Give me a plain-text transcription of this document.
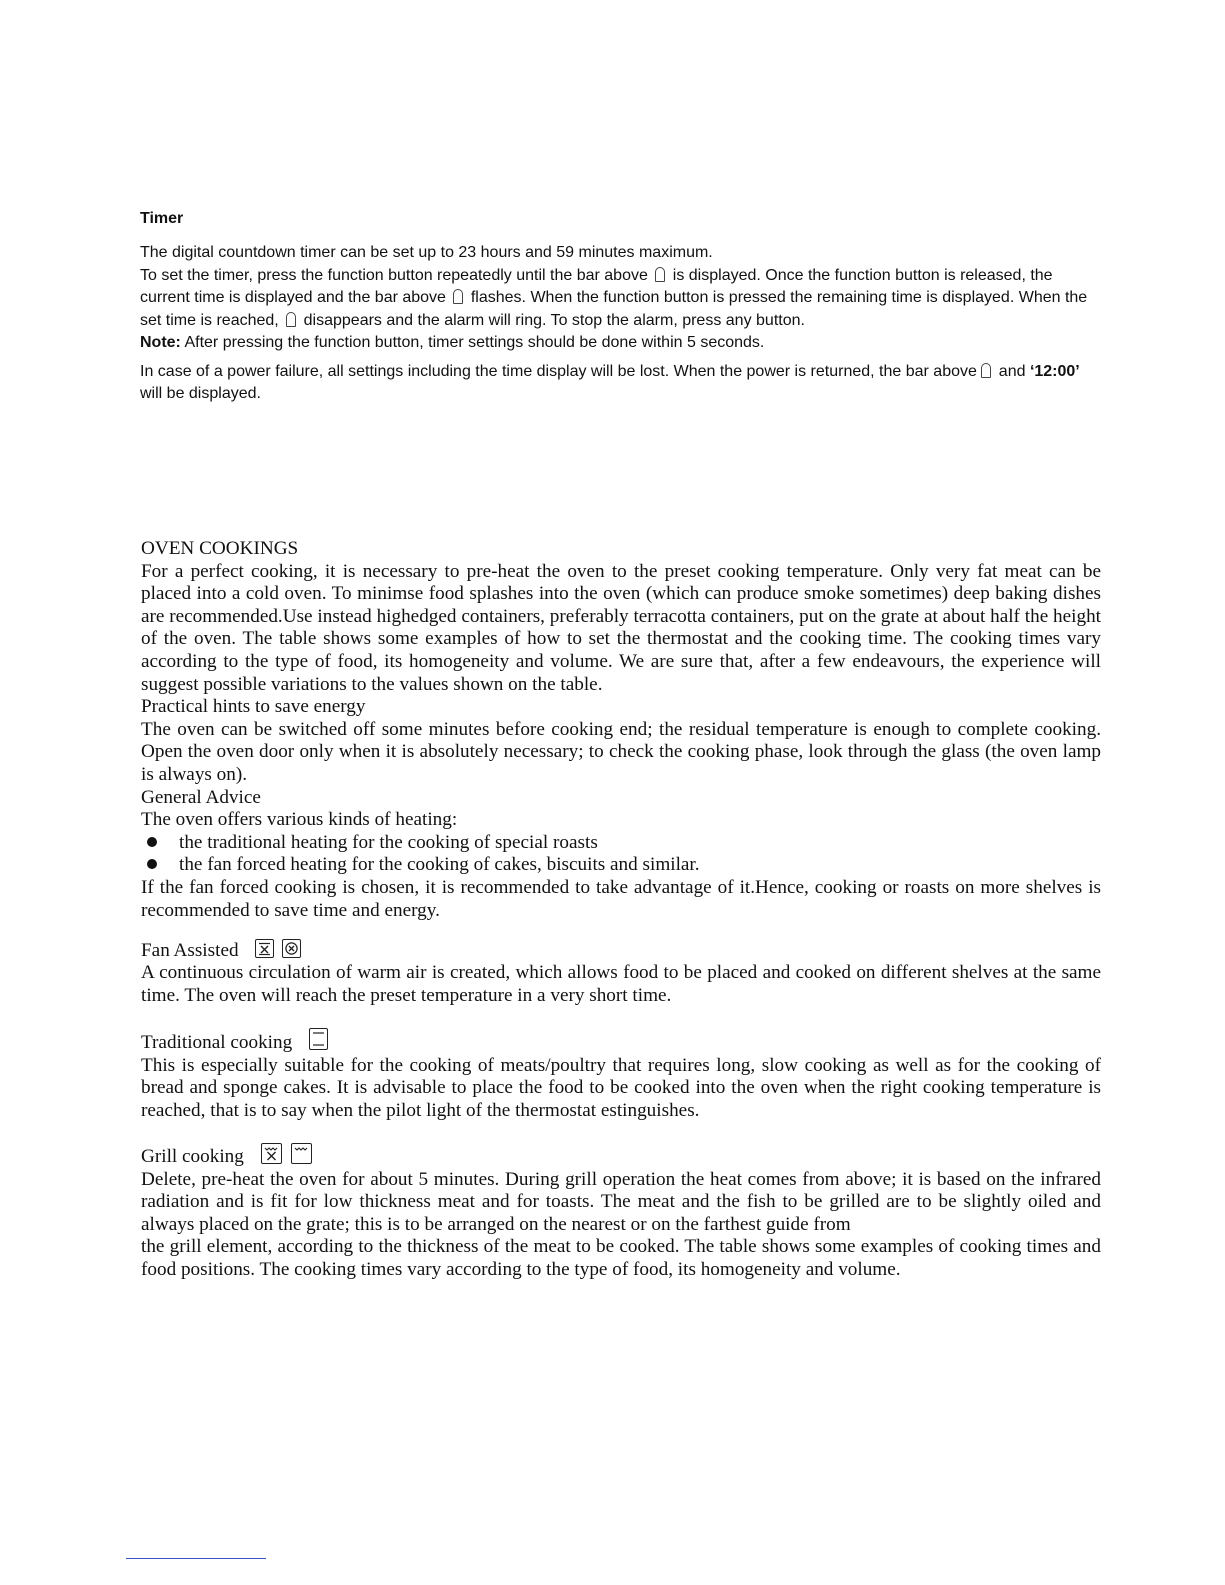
Timer

The digital countdown timer can be set up to 23 hours and 59 minutes maximum.

To set the timer, press the function button repeatedly until the bar above is displayed. Once the function button is released, the current time is displayed and the bar above flashes. When the function button is pressed the remaining time is displayed. When the set time is reached, disappears and the alarm will ring. To stop the alarm, press any button.

Note: After pressing the function button, timer settings should be done within 5 seconds.

In case of a power failure, all settings including the time display will be lost. When the power is returned, the bar above and ‘12:00’ will be displayed.

OVEN COOKINGS

For a perfect cooking, it is necessary to pre-heat the oven to the preset cooking temperature. Only very fat meat can be placed into a cold oven. To minimse food splashes into the oven (which can produce smoke sometimes) deep baking dishes are recommended.Use instead highedged containers, preferably terracotta containers, put on the grate at about half the height of the oven. The table shows some examples of how to set the thermostat and the cooking time. The cooking times vary according to the type of food, its homogeneity and volume. We are sure that, after a few endeavours, the experience will suggest possible variations to the values shown on the table.

Practical hints to save energy

The oven can be switched off some minutes before cooking end; the residual temperature is enough to complete cooking. Open the oven door only when it is absolutely necessary; to check the cooking phase, look through the glass (the oven lamp is always on).

General Advice

The oven offers various kinds of heating:

the traditional heating for the cooking of special roasts

the fan forced heating for the cooking of cakes, biscuits and similar.

If the fan forced cooking is chosen, it is recommended to take advantage of it.Hence, cooking or roasts on more shelves is recommended to save time and energy.

Fan Assisted

A continuous circulation of warm air is created, which allows food to be placed and cooked on different shelves at the same time. The oven will reach the preset temperature in a very short time.

Traditional cooking

This is especially suitable for the cooking of meats/poultry that requires long, slow cooking as well as for the cooking of bread and sponge cakes. It is advisable to place the food to be cooked into the oven when the right cooking temperature is reached, that is to say when the pilot light of the thermostat estinguishes.

Grill cooking

Delete, pre-heat the oven for about 5 minutes. During grill operation the heat comes from above; it is based on the infrared radiation and is fit for low thickness meat and for toasts. The meat and the fish to be grilled are to be slightly oiled and always placed on the grate; this is to be arranged on the nearest or on the farthest guide from

the grill element, according to the thickness of the meat to be cooked. The table shows some examples of cooking times and food positions. The cooking times vary according to the type of food, its homogeneity and volume.
